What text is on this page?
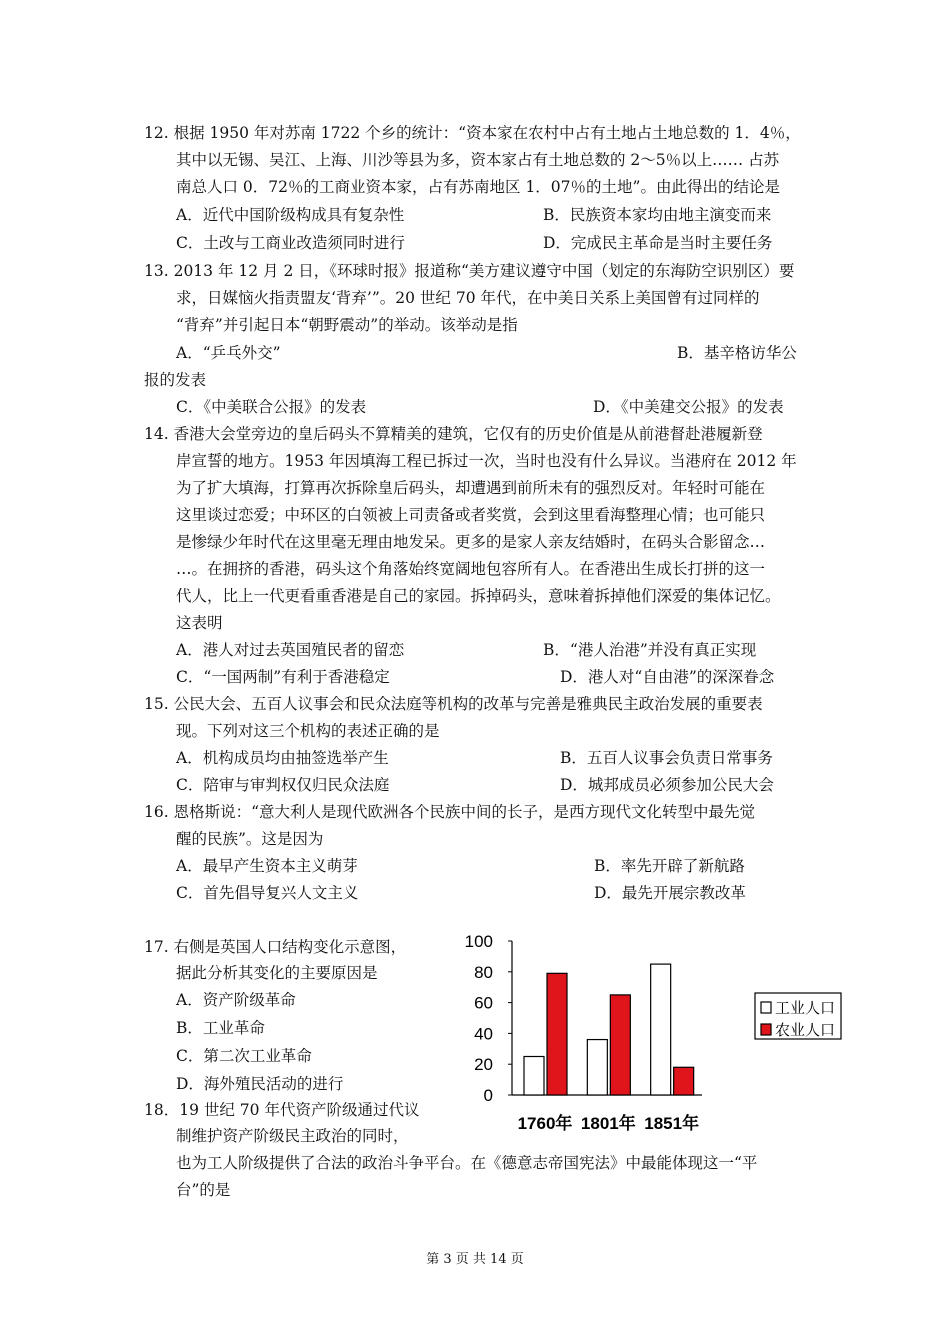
12. 根据 1950 年对苏南 1722 个乡的统计：“资本家在农村中占有土地占土地总数的 1．4％，
其中以无锡、吴江、上海、川沙等县为多，资本家占有土地总数的 2～5％以上…… 占苏
南总人口 0．72％的工商业资本家，占有苏南地区 1．07％的土地”。由此得出的结论是
A．近代中国阶级构成具有复杂性	B．民族资本家均由地主演变而来
C．土改与工商业改造须同时进行	D．完成民主革命是当时主要任务
13. 2013 年 12 月 2 日，《环球时报》报道称“美方建议遵守中国（划定的东海防空识别区）要
求，日媒恼火指责盟友‘背弃’”。20 世纪 70 年代，在中美日关系上美国曾有过同样的
“背弃”并引起日本“朝野震动”的举动。该举动是指
A．“乒乓外交”	B．基辛格访华公
报的发表
C．《中美联合公报》的发表	D．《中美建交公报》的发表
14. 香港大会堂旁边的皇后码头不算精美的建筑，它仅有的历史价值是从前港督赴港履新登
岸宣誓的地方。1953 年因填海工程已拆过一次，当时也没有什么异议。当港府在 2012 年
为了扩大填海，打算再次拆除皇后码头，却遭遇到前所未有的强烈反对。年轻时可能在
这里谈过恋爱；中环区的白领被上司责备或者奖赏，会到这里看海整理心情；也可能只
是惨绿少年时代在这里毫无理由地发呆。更多的是家人亲友结婚时，在码头合影留念…
…。在拥挤的香港，码头这个角落始终宽阔地包容所有人。在香港出生成长打拼的这一
代人，比上一代更看重香港是自己的家园。拆掉码头，意味着拆掉他们深爱的集体记忆。
这表明
A．港人对过去英国殖民者的留恋	B．“港人治港”并没有真正实现
C．“一国两制”有利于香港稳定	D．港人对“自由港”的深深眷念
15. 公民大会、五百人议事会和民众法庭等机构的改革与完善是雅典民主政治发展的重要表
现。下列对这三个机构的表述正确的是
A．机构成员均由抽签选举产生	B．五百人议事会负责日常事务
C．陪审与审判权仅归民众法庭	D．城邦成员必须参加公民大会
16. 恩格斯说：“意大利人是现代欧洲各个民族中间的长子，是西方现代文化转型中最先觉
醒的民族”。这是因为
A．最早产生资本主义萌芽	B．率先开辟了新航路
C．首先倡导复兴人文主义	D．最先开展宗教改革
17. 右侧是英国人口结构变化示意图，
据此分析其变化的主要原因是
A．资产阶级革命
B．工业革命
C．第二次工业革命
D．海外殖民活动的进行
18．19 世纪 70 年代资产阶级通过代议
制维护资产阶级民主政治的同时，
也为工人阶级提供了合法的政治斗争平台。在《德意志帝国宪法》中最能体现这一“平
台”的是
100
80
60
40
20
0
1760年 1801年 1851年
工业人口
农业人口
第 3 页 共 14 页
